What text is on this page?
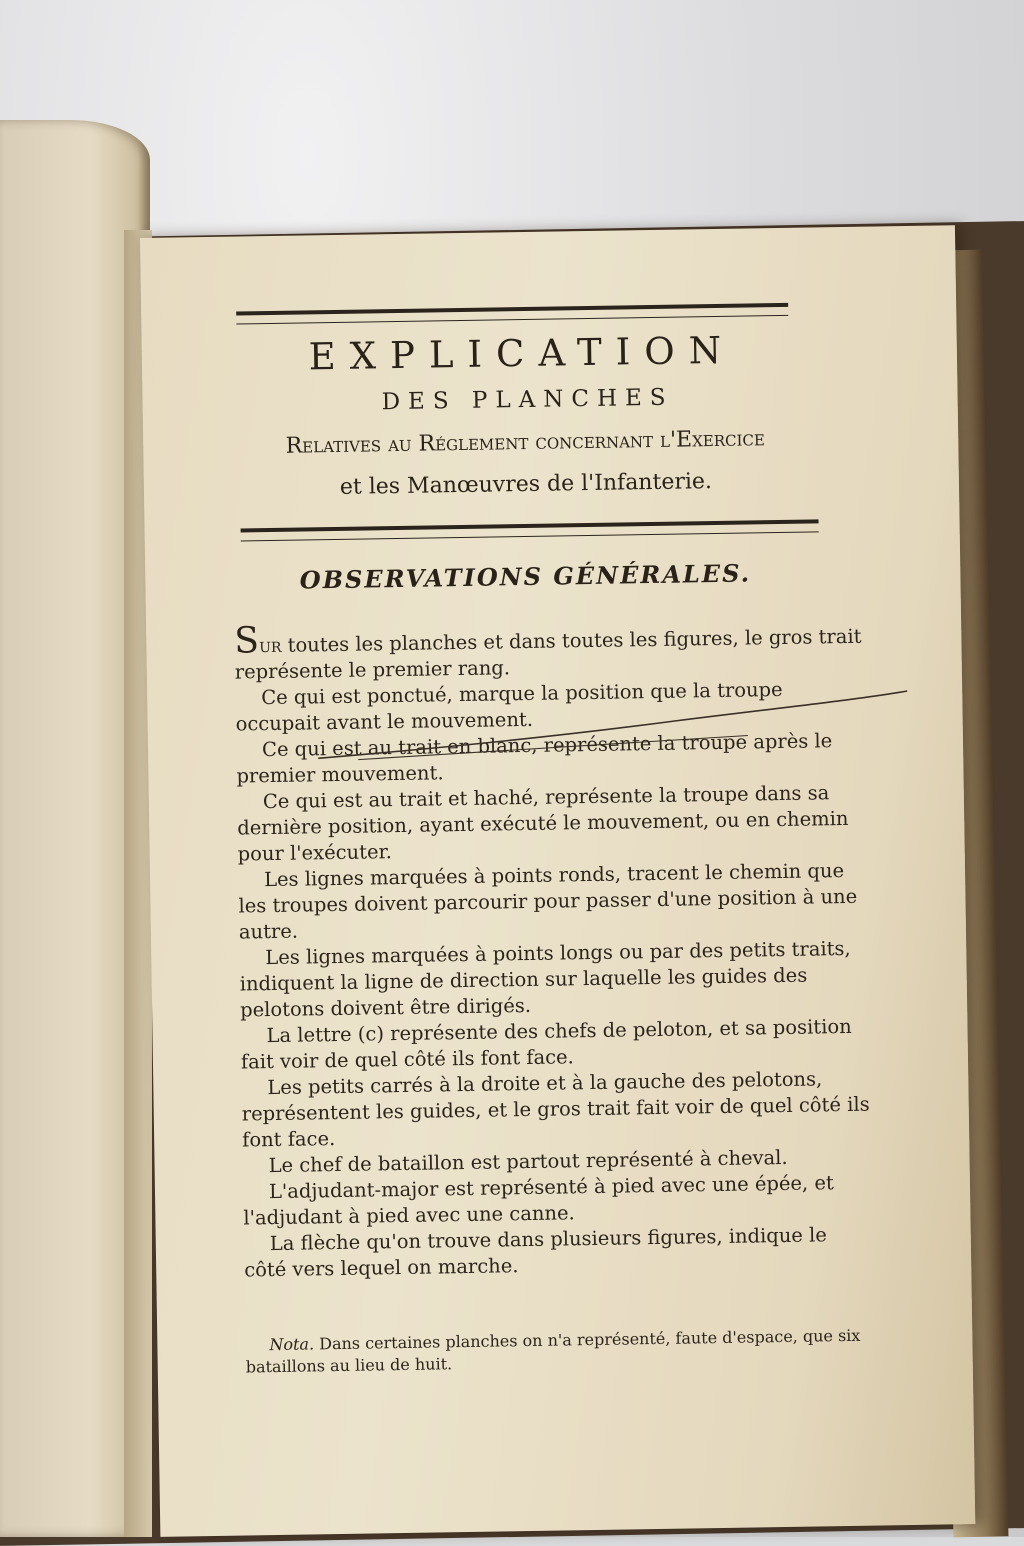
EXPLICATION
DES PLANCHES
Relatives au Réglement concernant l'Exercice
et les Manœuvres de l'Infanterie.
OBSERVATIONS GÉNÉRALES.

Sur toutes les planches et dans toutes les figures, le gros trait représente le premier rang.

Ce qui est ponctué, marque la position que la troupe occupait avant le mouvement.

Ce qui est au trait en blanc, représente la troupe après le premier mouvement.

Ce qui est au trait et haché, représente la troupe dans sa dernière position, ayant exécuté le mouvement, ou en chemin pour l'exécuter.

Les lignes marquées à points ronds, tracent le chemin que les troupes doivent parcourir pour passer d'une position à une autre.

Les lignes marquées à points longs ou par des petits traits, indiquent la ligne de direction sur laquelle les guides des pelotons doivent être dirigés.

La lettre (c) représente des chefs de peloton, et sa position fait voir de quel côté ils font face.

Les petits carrés à la droite et à la gauche des pelotons, représentent les guides, et le gros trait fait voir de quel côté ils font face.

Le chef de bataillon est partout représenté à cheval.

L'adjudant-major est représenté à pied avec une épée, et l'adjudant à pied avec une canne.

La flèche qu'on trouve dans plusieurs figures, indique le côté vers lequel on marche.

Nota. Dans certaines planches on n'a représenté, faute d'espace, que six bataillons au lieu de huit.
